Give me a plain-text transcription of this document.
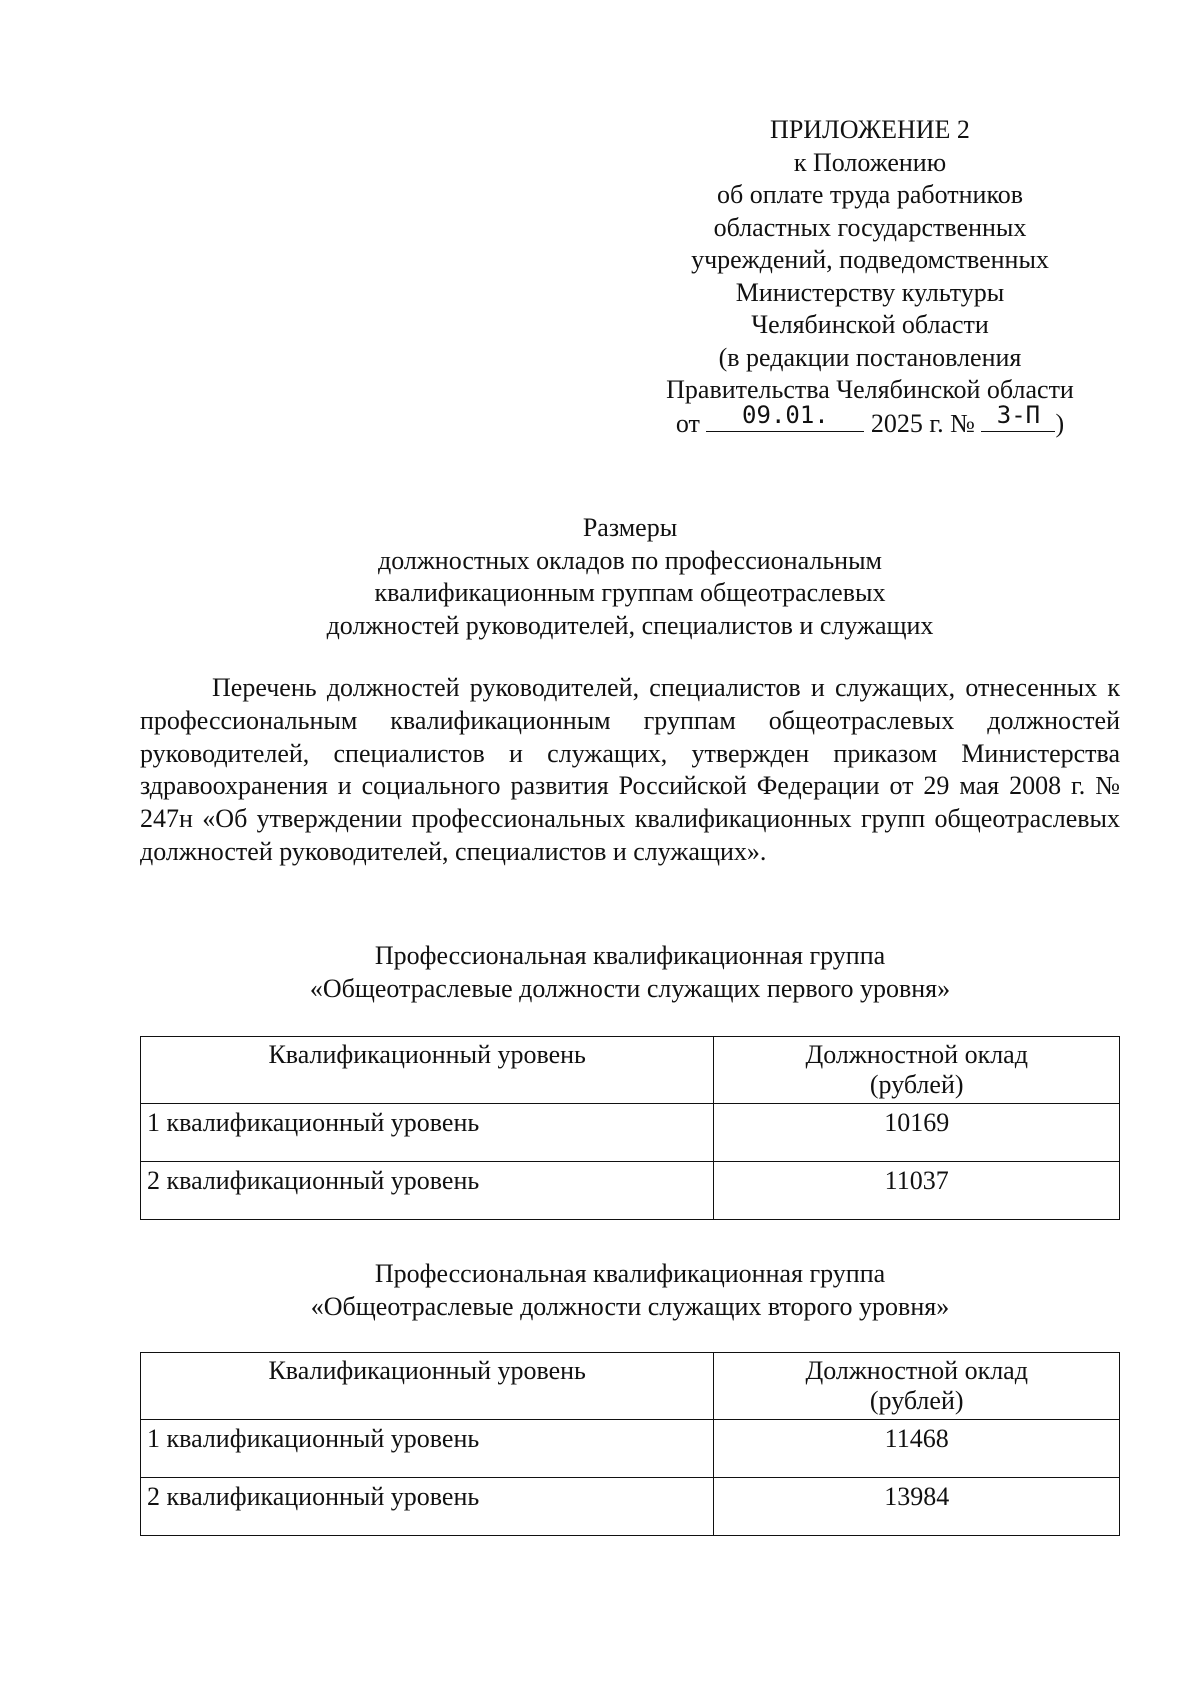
ПРИЛОЖЕНИЕ 2
к Положению
об оплате труда работников
областных государственных
учреждений, подведомственных
Министерству культуры
Челябинской области
(в редакции постановления
Правительства Челябинской области
от	09.01.	2025 г. № 3-П )
Размеры
должностных окладов по профессиональным
квалификационным группам общеотраслевых
должностей руководителей, специалистов и служащих
Перечень должностей руководителей, специалистов и служащих, отнесенных к профессиональным квалификационным группам общеотраслевых должностей руководителей, специалистов и служащих, утвержден приказом Министерства здравоохранения и социального развития Российской Федерации от 29 мая 2008 г. № 247н «Об утверждении профессиональных квалификационных групп общеотраслевых должностей руководителей, специалистов и служащих».
Профессиональная квалификационная группа
«Общеотраслевые должности служащих первого уровня»
Квалификационный уровень	Должностной оклад
(рублей)
1 квалификационный уровень	10169
2 квалификационный уровень	11037
Профессиональная квалификационная группа
«Общеотраслевые должности служащих второго уровня»
Квалификационный уровень	Должностной оклад
(рублей)
1 квалификационный уровень	11468
2 квалификационный уровень	13984
